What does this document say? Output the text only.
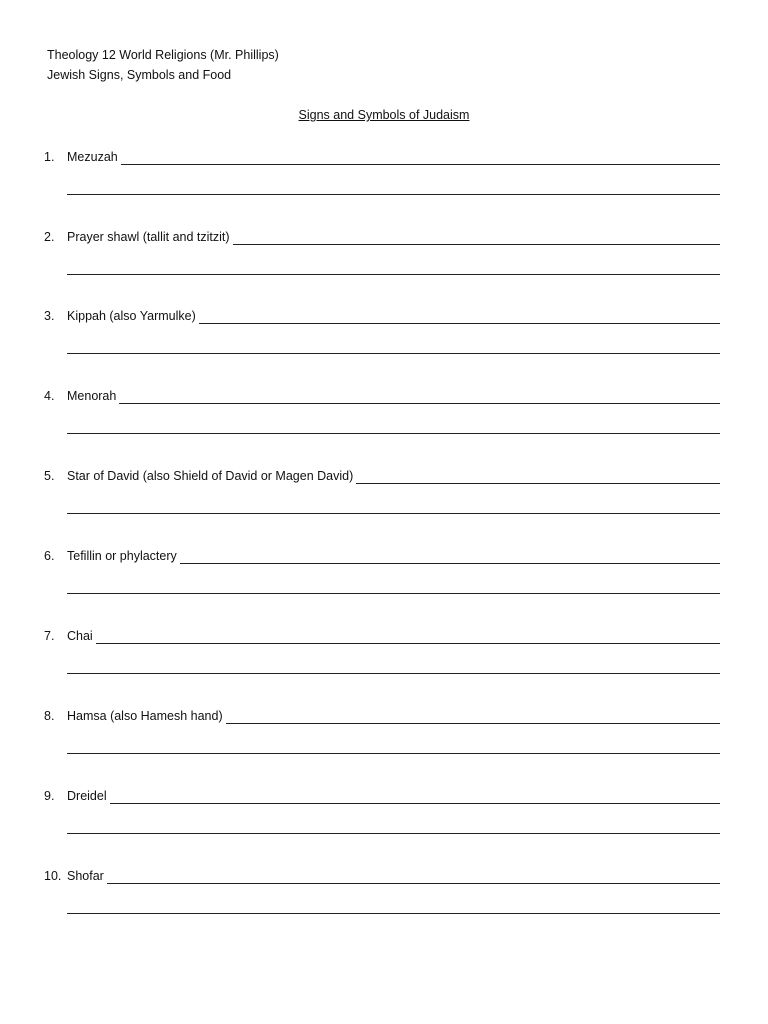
Theology 12 World Religions (Mr. Phillips)
Jewish Signs, Symbols and Food
Signs and Symbols of Judaism
1. Mezuzah
2. Prayer shawl (tallit and tzitzit)
3. Kippah (also Yarmulke)
4. Menorah
5. Star of David (also Shield of David or Magen David)
6. Tefillin or phylactery
7. Chai
8. Hamsa (also Hamesh hand)
9. Dreidel
10. Shofar
